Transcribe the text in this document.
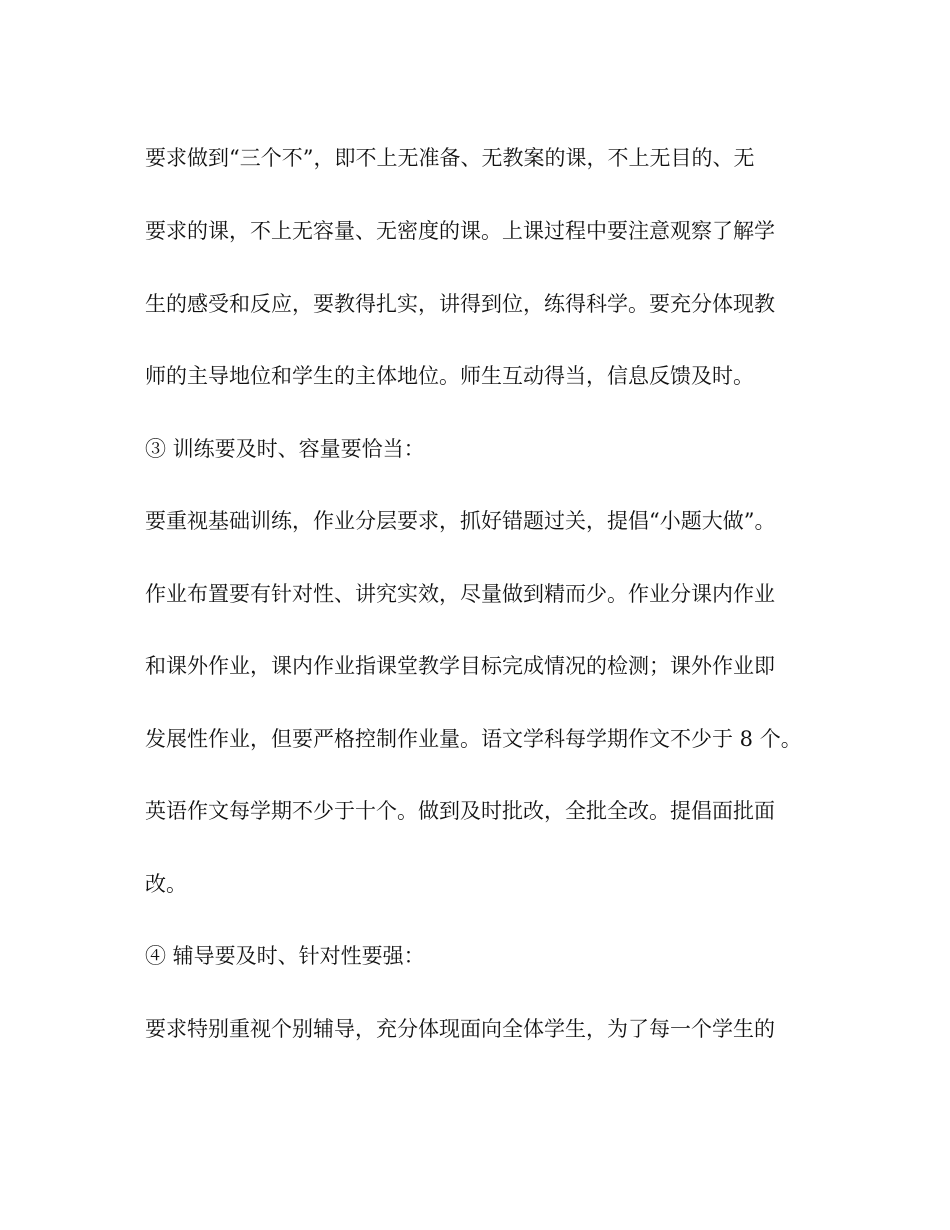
要求做到“三个不”，即不上无准备、无教案的课，不上无目的、无
要求的课，不上无容量、无密度的课。上课过程中要注意观察了解学
生的感受和反应，要教得扎实，讲得到位，练得科学。要充分体现教
师的主导地位和学生的主体地位。师生互动得当，信息反馈及时。
③ 训练要及时、容量要恰当：
要重视基础训练，作业分层要求，抓好错题过关，提倡“小题大做”。
作业布置要有针对性、讲究实效，尽量做到精而少。作业分课内作业
和课外作业，课内作业指课堂教学目标完成情况的检测；课外作业即
发展性作业，但要严格控制作业量。语文学科每学期作文不少于 8 个。
英语作文每学期不少于十个。做到及时批改，全批全改。提倡面批面
改。
④ 辅导要及时、针对性要强：
要求特别重视个别辅导，充分体现面向全体学生，为了每一个学生的
